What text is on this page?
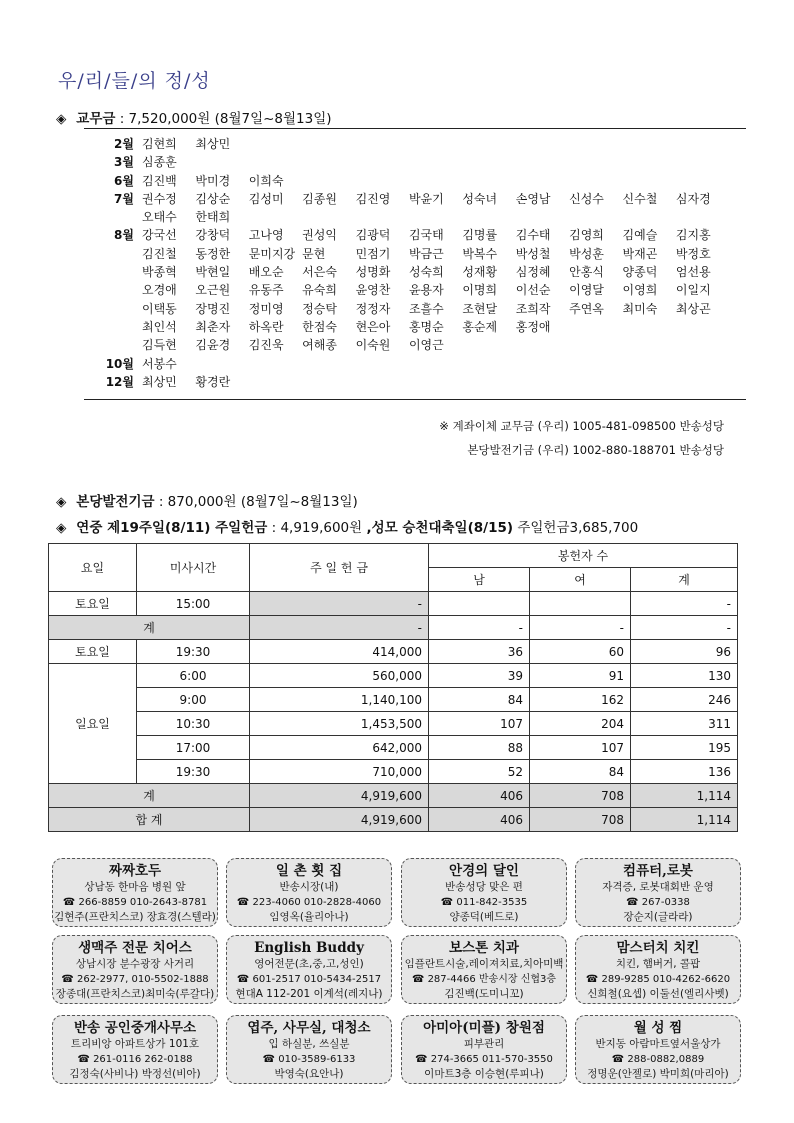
우/리/들/의 정/성
◈ 교무금 : 7,520,000원 (8월7일~8월13일)
2월 김현희	최상민
3월 심종훈
6월 김진백	박미경	이희숙
7월 권수정	김상순	김성미	김종원	김진영	박윤기	성숙녀	손영남	신성수	신수철	심자경
오태수	한태희
8월 강국선	강창덕	고나영	권성익	김광덕	김국태	김명률	김수태	김영희	김예슬	김지홍
김진철	동정한	문미지강 문현	민점기	박금근	박복수	박성철	박성훈	박재곤	박정호
박종혁	박현일	배오순	서은숙	성명화	성숙희	성재황	심정혜	안홍식	양종덕	엄선용
오경애	오근원	유동주	유숙희	윤영찬	윤용자	이명희	이선순	이영달	이영희	이일지
이택동	장명진	정미영	정승탁	정정자	조흘수	조현달	조희작	주연옥	최미숙	최상곤
최인석	최춘자	하옥란	한점숙	현은아	홍명순	홍순제	홍정애
김득현	김윤경	김진욱	여해종	이숙원	이영근
10월 서봉수
12월 최상민	황경란
※ 계좌이체 교무금 (우리) 1005-481-098500 반송성당
본당발전기금 (우리) 1002-880-188701 반송성당
◈ 본당발전기금 : 870,000원 (8월7일~8월13일)
◈ 연중 제19주일(8/11) 주일헌금 : 4,919,600원 ,성모 승천대축일(8/15) 주일헌금3,685,700
요일	미사시간	주 일 헌 금	봉헌자 수		
			남	여	계
토요일	15:00	-			-
계		-	-	-	-
토요일	19:30	414,000	36	60	96
일요일	6:00	560,000	39	91	130
	9:00	1,140,100	84	162	246
	10:30	1,453,500	107	204	311
	17:00	642,000	88	107	195
	19:30	710,000	52	84	136
계		4,919,600	406	708	1,114
합 계		4,919,600	406	708	1,114
짜짜호두
상남동 한마음 병원 앞
☎ 266-8859 010-2643-8781
김현주(프란치스코) 장효경(스텔라)
일 촌 횟 집
반송시장(내)
☎ 223-4060 010-2828-4060
임영옥(율리아나)
안경의 달인
반송성당 맞은 편
☎ 011-842-3535
양종덕(베드로)
컴퓨터,로봇
자격증, 로봇대회반 운영
☎ 267-0338
장순지(글라라)
생맥주 전문 치어스
상남시장 분수광장 사거리
☎ 262-2977, 010-5502-1888
장종대(프란치스코)최미숙(루갈다)
English Buddy
영어전문(초,중,고,성인)
☎ 601-2517 010-5434-2517
현대A 112-201 이계석(레지나)
보스톤 치과
임플란트시술,레이져치료,치아미백
☎ 287-4466 반송시장 신협3층
김진백(도미니꼬)
맘스터치 치킨
치킨, 햄버거, 콜팝
☎ 289-9285 010-4262-6620
신희철(요셉) 이둘선(엘리사벳)
반송 공인중개사무소
트리비앙 아파트상가 101호
☎ 261-0116 262-0188
김정숙(사비나) 박정선(비아)
엽주, 사무실, 대청소
입 하실분, 쓰실분
☎ 010-3589-6133
박영숙(요안나)
아미아(미플) 창원점
피부관리
☎ 274-3665 011-570-3550
이마트3층 이승현(루피나)
월 성 찜
반지동 아람마트옆서울상가
☎ 288-0882,0889
정명운(안젤로) 박미희(마리아)
